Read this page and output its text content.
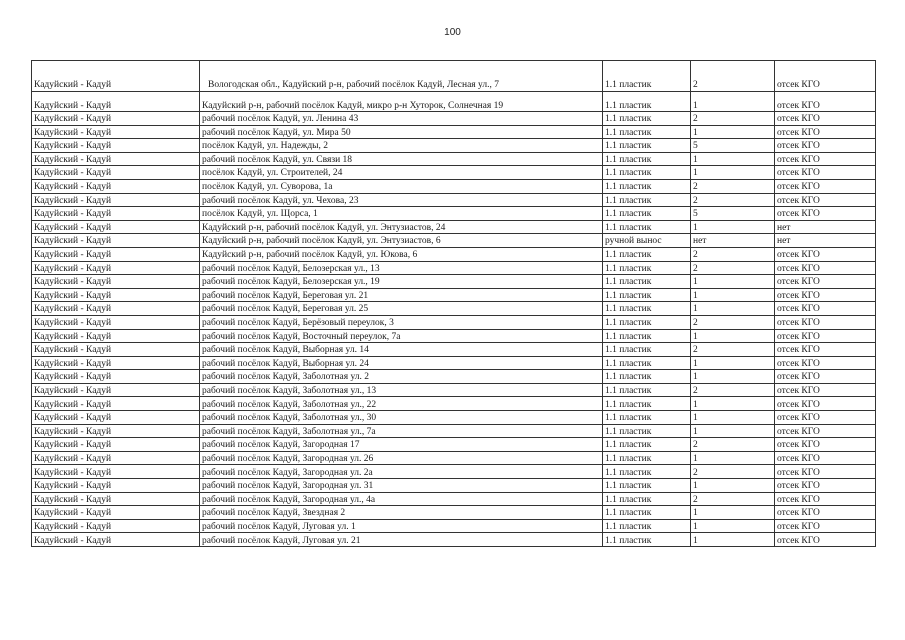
100
Кадуйский - Кадуй	Вологодская обл., Кадуйский р-н, рабочий посёлок Кадуй, Лесная ул., 7	1.1 пластик	2	отсек КГО
Кадуйский - Кадуй	Кадуйский р-н, рабочий посёлок Кадуй, микро р-н Хуторок, Солнечная 19	1.1 пластик	1	отсек КГО
Кадуйский - Кадуй	рабочий посёлок Кадуй, ул. Ленина 43	1.1 пластик	2	отсек КГО
Кадуйский - Кадуй	рабочий посёлок Кадуй, ул. Мира 50	1.1 пластик	1	отсек КГО
Кадуйский - Кадуй	посёлок Кадуй, ул. Надежды, 2	1.1 пластик	5	отсек КГО
Кадуйский - Кадуй	рабочий посёлок Кадуй, ул. Связи 18	1.1 пластик	1	отсек КГО
Кадуйский - Кадуй	посёлок Кадуй, ул. Строителей, 24	1.1 пластик	1	отсек КГО
Кадуйский - Кадуй	посёлок Кадуй, ул. Суворова, 1а	1.1 пластик	2	отсек КГО
Кадуйский - Кадуй	рабочий посёлок Кадуй, ул. Чехова, 23	1.1 пластик	2	отсек КГО
Кадуйский - Кадуй	посёлок Кадуй, ул. Щорса, 1	1.1 пластик	5	отсек КГО
Кадуйский - Кадуй	Кадуйский р-н, рабочий посёлок Кадуй, ул. Энтузиастов, 24	1.1 пластик	1	нет
Кадуйский - Кадуй	Кадуйский р-н, рабочий посёлок Кадуй, ул. Энтузиастов, 6	ручной вынос	нет	нет
Кадуйский - Кадуй	Кадуйский р-н, рабочий посёлок Кадуй, ул. Юкова, 6	1.1 пластик	2	отсек КГО
Кадуйский - Кадуй	рабочий посёлок Кадуй, Белозерская ул., 13	1.1 пластик	2	отсек КГО
Кадуйский - Кадуй	рабочий посёлок Кадуй, Белозерская ул., 19	1.1 пластик	1	отсек КГО
Кадуйский - Кадуй	рабочий посёлок Кадуй, Береговая ул. 21	1.1 пластик	1	отсек КГО
Кадуйский - Кадуй	рабочий посёлок Кадуй, Береговая ул. 25	1.1 пластик	1	отсек КГО
Кадуйский - Кадуй	рабочий посёлок Кадуй, Берёзовый переулок, 3	1.1 пластик	2	отсек КГО
Кадуйский - Кадуй	рабочий посёлок Кадуй, Восточный переулок, 7а	1.1 пластик	1	отсек КГО
Кадуйский - Кадуй	рабочий посёлок Кадуй, Выборная ул. 14	1.1 пластик	2	отсек КГО
Кадуйский - Кадуй	рабочий посёлок Кадуй, Выборная ул. 24	1.1 пластик	1	отсек КГО
Кадуйский - Кадуй	рабочий посёлок Кадуй, Заболотная ул. 2	1.1 пластик	1	отсек КГО
Кадуйский - Кадуй	рабочий посёлок Кадуй, Заболотная ул., 13	1.1 пластик	2	отсек КГО
Кадуйский - Кадуй	рабочий посёлок Кадуй, Заболотная ул., 22	1.1 пластик	1	отсек КГО
Кадуйский - Кадуй	рабочий посёлок Кадуй, Заболотная ул., 30	1.1 пластик	1	отсек КГО
Кадуйский - Кадуй	рабочий посёлок Кадуй, Заболотная ул., 7а	1.1 пластик	1	отсек КГО
Кадуйский - Кадуй	рабочий посёлок Кадуй, Загородная 17	1.1 пластик	2	отсек КГО
Кадуйский - Кадуй	рабочий посёлок Кадуй, Загородная ул. 26	1.1 пластик	1	отсек КГО
Кадуйский - Кадуй	рабочий посёлок Кадуй, Загородная ул. 2а	1.1 пластик	2	отсек КГО
Кадуйский - Кадуй	рабочий посёлок Кадуй, Загородная ул. 31	1.1 пластик	1	отсек КГО
Кадуйский - Кадуй	рабочий посёлок Кадуй, Загородная ул., 4а	1.1 пластик	2	отсек КГО
Кадуйский - Кадуй	рабочий посёлок Кадуй, Звездная 2	1.1 пластик	1	отсек КГО
Кадуйский - Кадуй	рабочий посёлок Кадуй, Луговая ул. 1	1.1 пластик	1	отсек КГО
Кадуйский - Кадуй	рабочий посёлок Кадуй, Луговая ул. 21	1.1 пластик	1	отсек КГО
